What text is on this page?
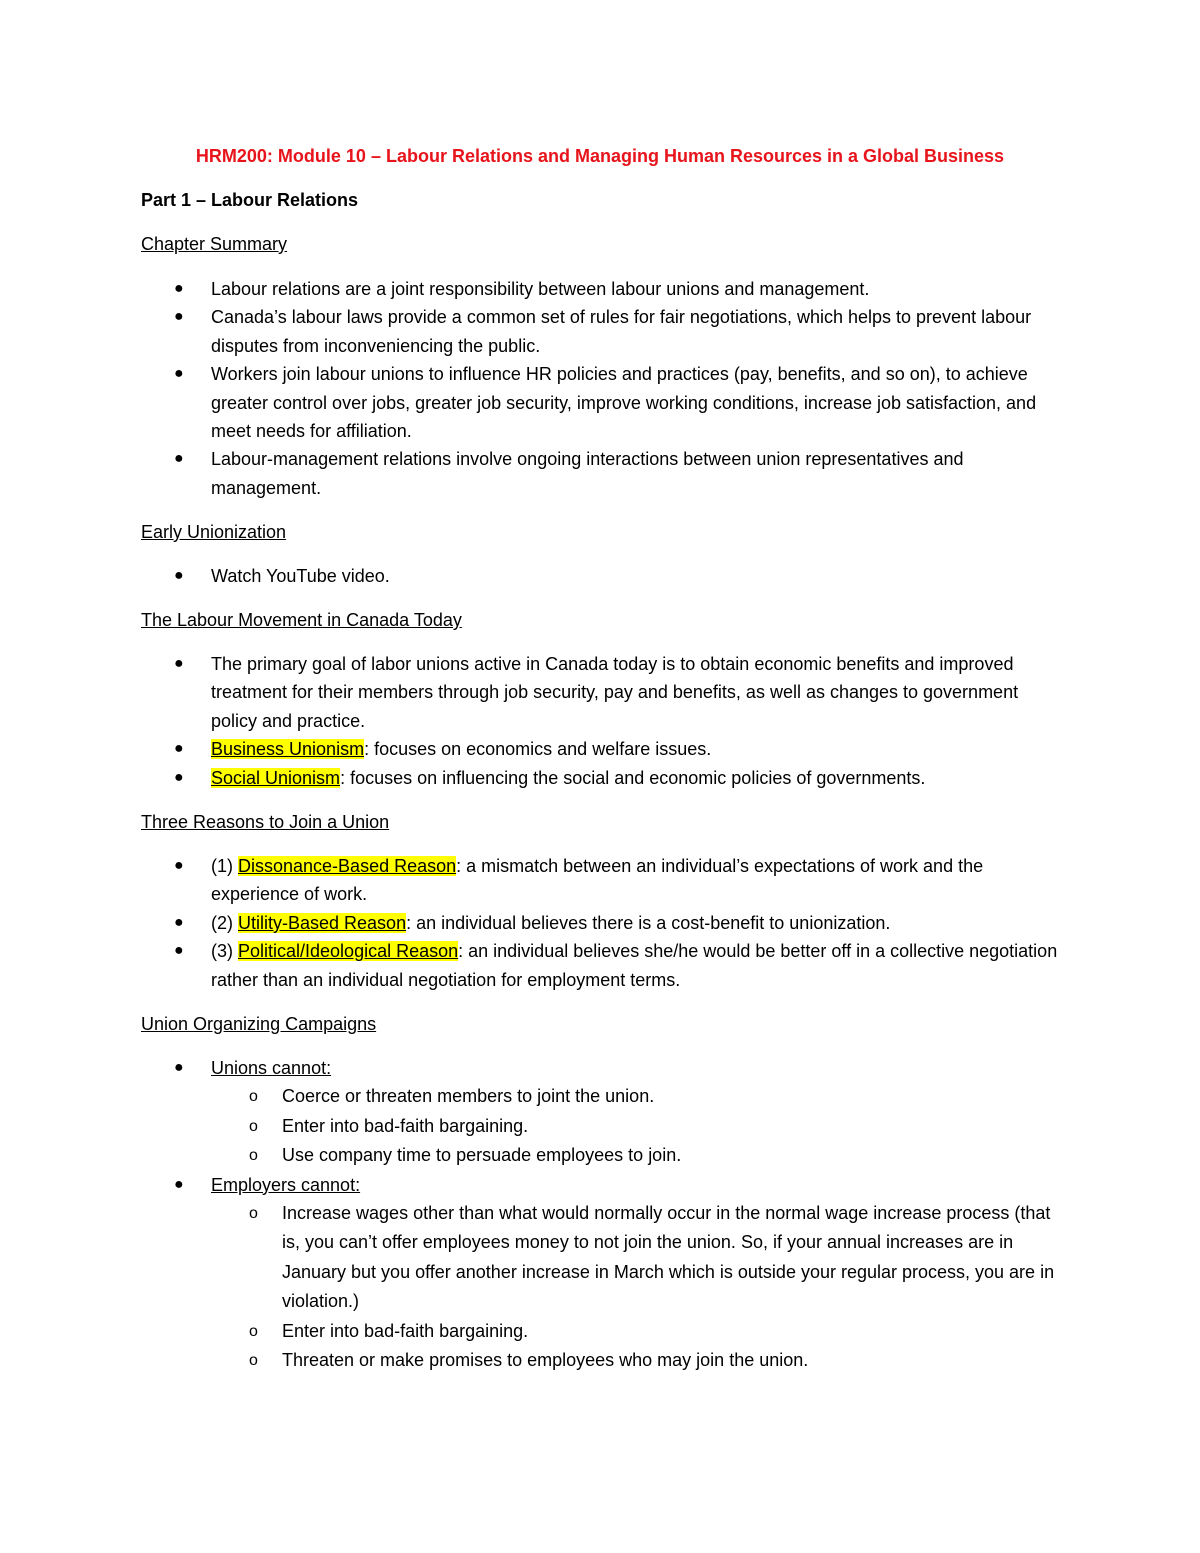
HRM200: Module 10 – Labour Relations and Managing Human Resources in a Global Business
Part 1 – Labour Relations
Chapter Summary
● Labour relations are a joint responsibility between labour unions and management.
● Canada’s labour laws provide a common set of rules for fair negotiations, which helps to prevent labour disputes from inconveniencing the public.
● Workers join labour unions to influence HR policies and practices (pay, benefits, and so on), to achieve greater control over jobs, greater job security, improve working conditions, increase job satisfaction, and meet needs for affiliation.
● Labour-management relations involve ongoing interactions between union representatives and management.
Early Unionization
● Watch YouTube video.
The Labour Movement in Canada Today
● The primary goal of labor unions active in Canada today is to obtain economic benefits and improved treatment for their members through job security, pay and benefits, as well as changes to government policy and practice.
● Business Unionism: focuses on economics and welfare issues.
● Social Unionism: focuses on influencing the social and economic policies of governments.
Three Reasons to Join a Union
● (1) Dissonance-Based Reason: a mismatch between an individual’s expectations of work and the experience of work.
● (2) Utility-Based Reason: an individual believes there is a cost-benefit to unionization.
● (3) Political/Ideological Reason: an individual believes she/he would be better off in a collective negotiation rather than an individual negotiation for employment terms.
Union Organizing Campaigns
● Unions cannot:
o Coerce or threaten members to joint the union.
o Enter into bad-faith bargaining.
o Use company time to persuade employees to join.
● Employers cannot:
o Increase wages other than what would normally occur in the normal wage increase process (that is, you can’t offer employees money to not join the union. So, if your annual increases are in January but you offer another increase in March which is outside your regular process, you are in violation.)
o Enter into bad-faith bargaining.
o Threaten or make promises to employees who may join the union.
